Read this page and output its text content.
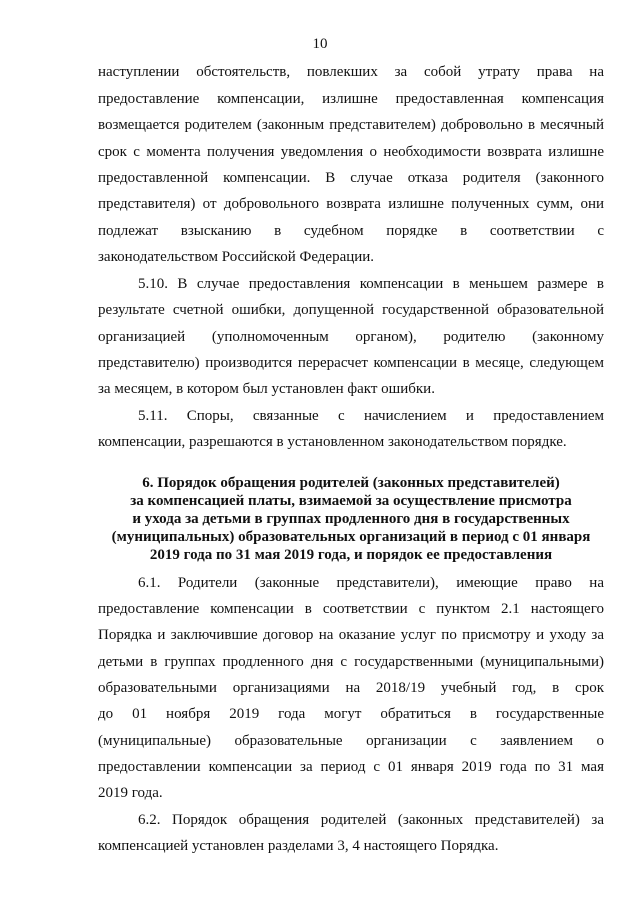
10
наступлении обстоятельств, повлекших за собой утрату права на
предоставление компенсации, излишне предоставленная компенсация
возмещается родителем (законным представителем) добровольно в месячный
срок с момента получения уведомления о необходимости возврата излишне
предоставленной компенсации. В случае отказа родителя (законного
представителя) от добровольного возврата излишне полученных сумм, они
подлежат взысканию в судебном порядке в соответствии с
законодательством Российской Федерации.
5.10. В случае предоставления компенсации в меньшем размере в
результате счетной ошибки, допущенной государственной образовательной
организацией (уполномоченным органом), родителю (законному
представителю) производится перерасчет компенсации в месяце, следующем
за месяцем, в котором был установлен факт ошибки.
5.11. Споры, связанные с начислением и предоставлением
компенсации, разрешаются в установленном законодательством порядке.
6. Порядок обращения родителей (законных представителей)
за компенсацией платы, взимаемой за осуществление присмотра
и ухода за детьми в группах продленного дня в государственных
(муниципальных) образовательных организаций в период с 01 января
2019 года по 31 мая 2019 года, и порядок ее предоставления
6.1. Родители (законные представители), имеющие право на
предоставление компенсации в соответствии с пунктом 2.1 настоящего
Порядка и заключившие договор на оказание услуг по присмотру и уходу за
детьми в группах продленного дня с государственными (муниципальными)
образовательными организациями на 2018/19 учебный год, в срок
до 01 ноября 2019 года могут обратиться в государственные
(муниципальные) образовательные организации с заявлением о
предоставлении компенсации за период с 01 января 2019 года по 31 мая
2019 года.
6.2. Порядок обращения родителей (законных представителей) за
компенсацией установлен разделами 3, 4 настоящего Порядка.
